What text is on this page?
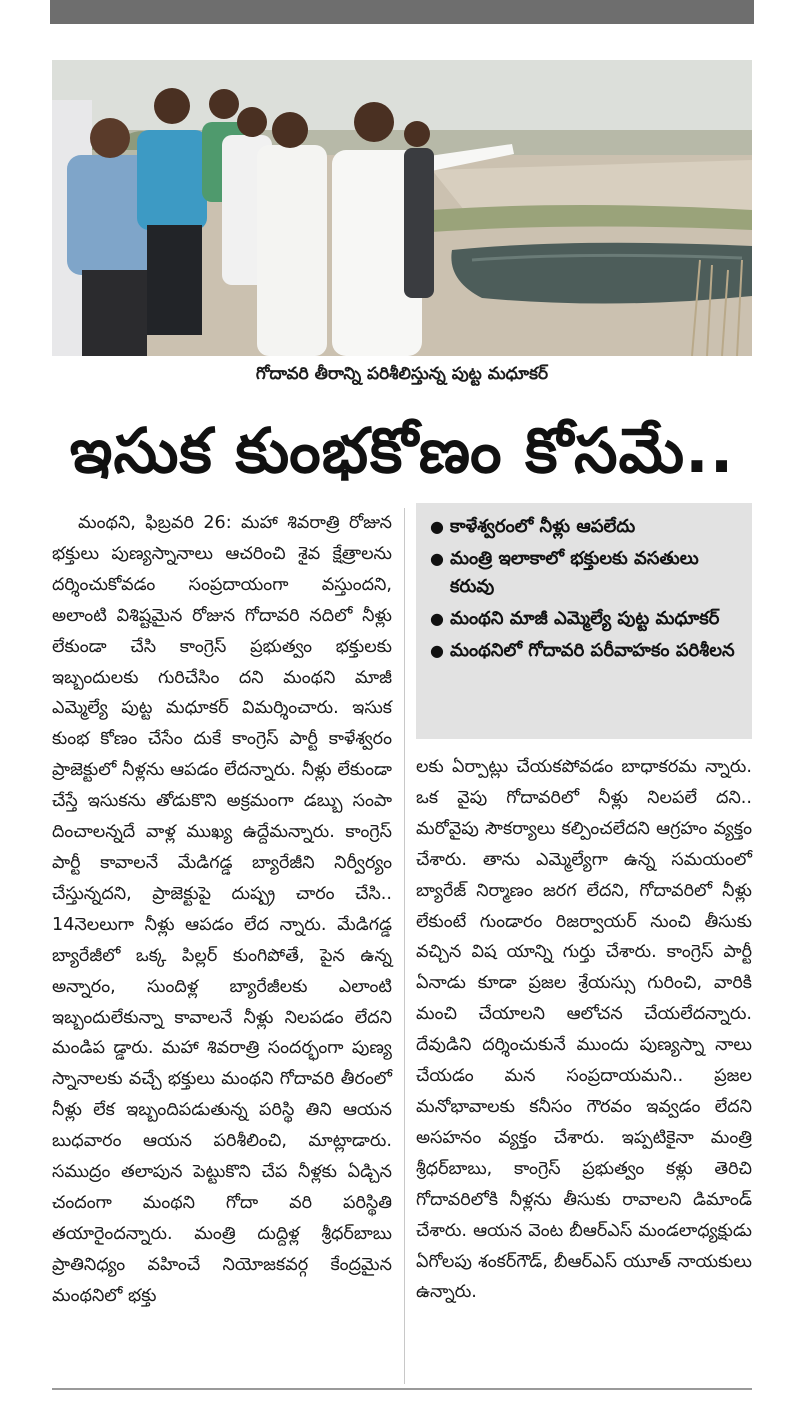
గోదావరి తీరాన్ని పరిశీలిస్తున్న పుట్ట మధూకర్
ఇసుక కుంభకోణం కోసమే..

మంథని, ఫిబ్రవరి 26: మహా శివరాత్రి రోజున భక్తులు పుణ్యస్నానాలు ఆచరించి శైవ క్షేత్రాలను దర్శించుకోవడం సంప్రదాయంగా వస్తుందని, అలాంటి విశిష్టమైన రోజున గోదావరి నదిలో నీళ్లు లేకుండా చేసి కాంగ్రెస్ ప్రభుత్వం భక్తులకు ఇబ్బందులకు గురిచేసిం దని మంథని మాజీ ఎమ్మెల్యే పుట్ట మధూకర్ విమర్శించారు. ఇసుక కుంభ కోణం చేసేం దుకే కాంగ్రెస్ పార్టీ కాళేశ్వరం ప్రాజెక్టులో నీళ్లను ఆపడం లేదన్నారు. నీళ్లు లేకుండా చేస్తే ఇసుకను తోడుకొని అక్రమంగా డబ్బు సంపా దించాలన్నదే వాళ్ల ముఖ్య ఉద్దేమన్నారు. కాంగ్రెస్ పార్టీ కావాలనే మేడిగడ్డ బ్యారేజీని నిర్వీర్యం చేస్తున్నదని, ప్రాజెక్టుపై దుష్ప్ర చారం చేసి.. 14నెలలుగా నీళ్లు ఆపడం లేద న్నారు. మేడిగడ్డ బ్యారేజీలో ఒక్క పిల్లర్ కుంగిపోతే, పైన ఉన్న అన్నారం, సుందిళ్ల బ్యారేజీలకు ఎలాంటి ఇబ్బందులేకున్నా కావాలనే నీళ్లు నిలపడం లేదని మండిప డ్డారు. మహా శివరాత్రి సందర్భంగా పుణ్య స్నానాలకు వచ్చే భక్తులు మంథని గోదావరి తీరంలో నీళ్లు లేక ఇబ్బందిపడుతున్న పరిస్థి తిని ఆయన బుధవారం ఆయన పరిశీలించి, మాట్లాడారు. సముద్రం తలాపున పెట్టుకొని చేప నీళ్లకు ఏడ్చిన చందంగా మంథని గోదా వరి పరిస్థితి తయారైందన్నారు. మంత్రి దుద్దిళ్ల శ్రీధర్‌బాబు ప్రాతినిధ్యం వహించే నియోజకవర్గ కేంద్రమైన మంథనిలో భక్తు

● కాళేశ్వరంలో నీళ్లు ఆపలేదు
● మంత్రి ఇలాకాలో భక్తులకు వసతులు కరువు
● మంథని మాజీ ఎమ్మెల్యే పుట్ట మధూకర్
● మంథనిలో గోదావరి పరీవాహకం పరిశీలన

లకు ఏర్పాట్లు చేయకపోవడం బాధాకరమ న్నారు. ఒక వైపు గోదావరిలో నీళ్లు నిలపలే దని.. మరోవైపు సౌకర్యాలు కల్పించలేదని ఆగ్రహం వ్యక్తం చేశారు. తాను ఎమ్మెల్యేగా ఉన్న సమయంలో బ్యారేజ్ నిర్మాణం జరగ లేదని, గోదావరిలో నీళ్లు లేకుంటే గుండారం రిజర్వాయర్ నుంచి తీసుకు వచ్చిన విష యాన్ని గుర్తు చేశారు. కాంగ్రెస్ పార్టీ ఏనాడు కూడా ప్రజల శ్రేయస్సు గురించి, వారికి మంచి చేయాలని ఆలోచన చేయలేదన్నారు. దేవుడిని దర్శించుకునే ముందు పుణ్యస్నా నాలు చేయడం మన సంప్రదాయమని.. ప్రజల మనోభావాలకు కనీసం గౌరవం ఇవ్వడం లేదని అసహనం వ్యక్తం చేశారు. ఇప్పటికైనా మంత్రి శ్రీధర్‌బాబు, కాంగ్రెస్ ప్రభుత్వం కళ్లు తెరిచి గోదావరిలోకి నీళ్లను తీసుకు రావాలని డిమాండ్ చేశారు. ఆయన వెంట బీఆర్‌ఎస్ మండలాధ్యక్షుడు ఏగోలపు శంకర్‌గౌడ్, బీఆర్‌ఎస్ యూత్ నాయకులు ఉన్నారు.
